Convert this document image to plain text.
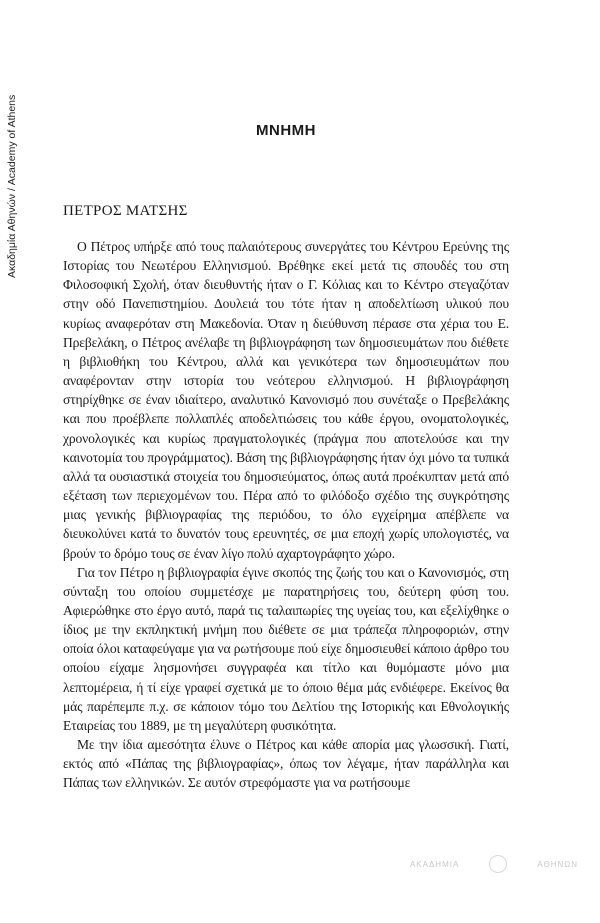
Ακαδημία Αθηνών / Academy of Athens	ΜΝΗΜΗ
ΠΕΤΡΟΣ ΜΑΤΣΗΣ

Ο Πέτρος υπήρξε από τους παλαιότερους συνεργάτες του Κέντρου Ερεύνης της Ιστορίας του Νεωτέρου Ελληνισμού. Βρέθηκε εκεί μετά τις σπουδές του στη Φιλοσοφική Σχολή, όταν διευθυντής ήταν ο Γ. Κόλιας και το Κέντρο στεγαζόταν στην οδό Πανεπιστημίου. Δουλειά του τότε ήταν η αποδελτίωση υλικού που κυρίως αναφερόταν στη Μακεδονία. Όταν η διεύθυνση πέρασε στα χέρια του Ε. Πρεβελάκη, ο Πέτρος ανέλαβε τη βιβλιογράφηση των δημοσιευμάτων που διέθετε η βιβλιοθήκη του Κέντρου, αλλά και γενικότερα των δημοσιευμάτων που αναφέρονταν στην ιστορία του νεότερου ελληνισμού. Η βιβλιογράφηση στηρίχθηκε σε έναν ιδιαίτερο, αναλυτικό Κανονισμό που συνέταξε ο Πρεβελάκης και που προέβλεπε πολλαπλές αποδελτιώσεις του κάθε έργου, ονοματολογικές, χρονολογικές και κυρίως πραγματολογικές (πράγμα που αποτελούσε και την καινοτομία του προγράμματος). Βάση της βιβλιογράφησης ήταν όχι μόνο τα τυπικά αλλά τα ουσιαστικά στοιχεία του δημοσιεύματος, όπως αυτά προέκυπταν μετά από εξέταση των περιεχομένων του. Πέρα από το φιλόδοξο σχέδιο της συγκρότησης μιας γενικής βιβλιογραφίας της περιόδου, το όλο εγχείρημα απέβλεπε να διευκολύνει κατά το δυνατόν τους ερευνητές, σε μια εποχή χωρίς υπολογιστές, να βρούν το δρόμο τους σε έναν λίγο πολύ αχαρτογράφητο χώρο.

Για τον Πέτρο η βιβλιογραφία έγινε σκοπός της ζωής του και ο Κανονισμός, στη σύνταξη του οποίου συμμετέσχε με παρατηρήσεις του, δεύτερη φύση του. Αφιερώθηκε στο έργο αυτό, παρά τις ταλαιπωρίες της υγείας του, και εξελίχθηκε ο ίδιος με την εκπληκτική μνήμη που διέθετε σε μια τράπεζα πληροφοριών, στην οποία όλοι καταφεύγαμε για να ρωτήσουμε πού είχε δημοσιευθεί κάποιο άρθρο του οποίου είχαμε λησμονήσει συγγραφέα και τίτλο και θυμόμαστε μόνο μια λεπτομέρεια, ή τί είχε γραφεί σχετικά με το όποιο θέμα μάς ενδιέφερε. Εκείνος θα μάς παρέπεμπε π.χ. σε κάποιον τόμο του Δελτίου της Ιστορικής και Εθνολογικής Εταιρείας του 1889, με τη μεγαλύτερη φυσικότητα.

Με την ίδια αμεσότητα έλυνε ο Πέτρος και κάθε απορία μας γλωσσική. Γιατί, εκτός από «Πάπας της βιβλιογραφίας», όπως τον λέγαμε, ήταν παράλληλα και Πάπας των ελληνικών. Σε αυτόν στρεφόμαστε για να ρωτήσουμε

ΑΚΑΔΗΜΙΑ	ΑΘΗΝΩΝ
